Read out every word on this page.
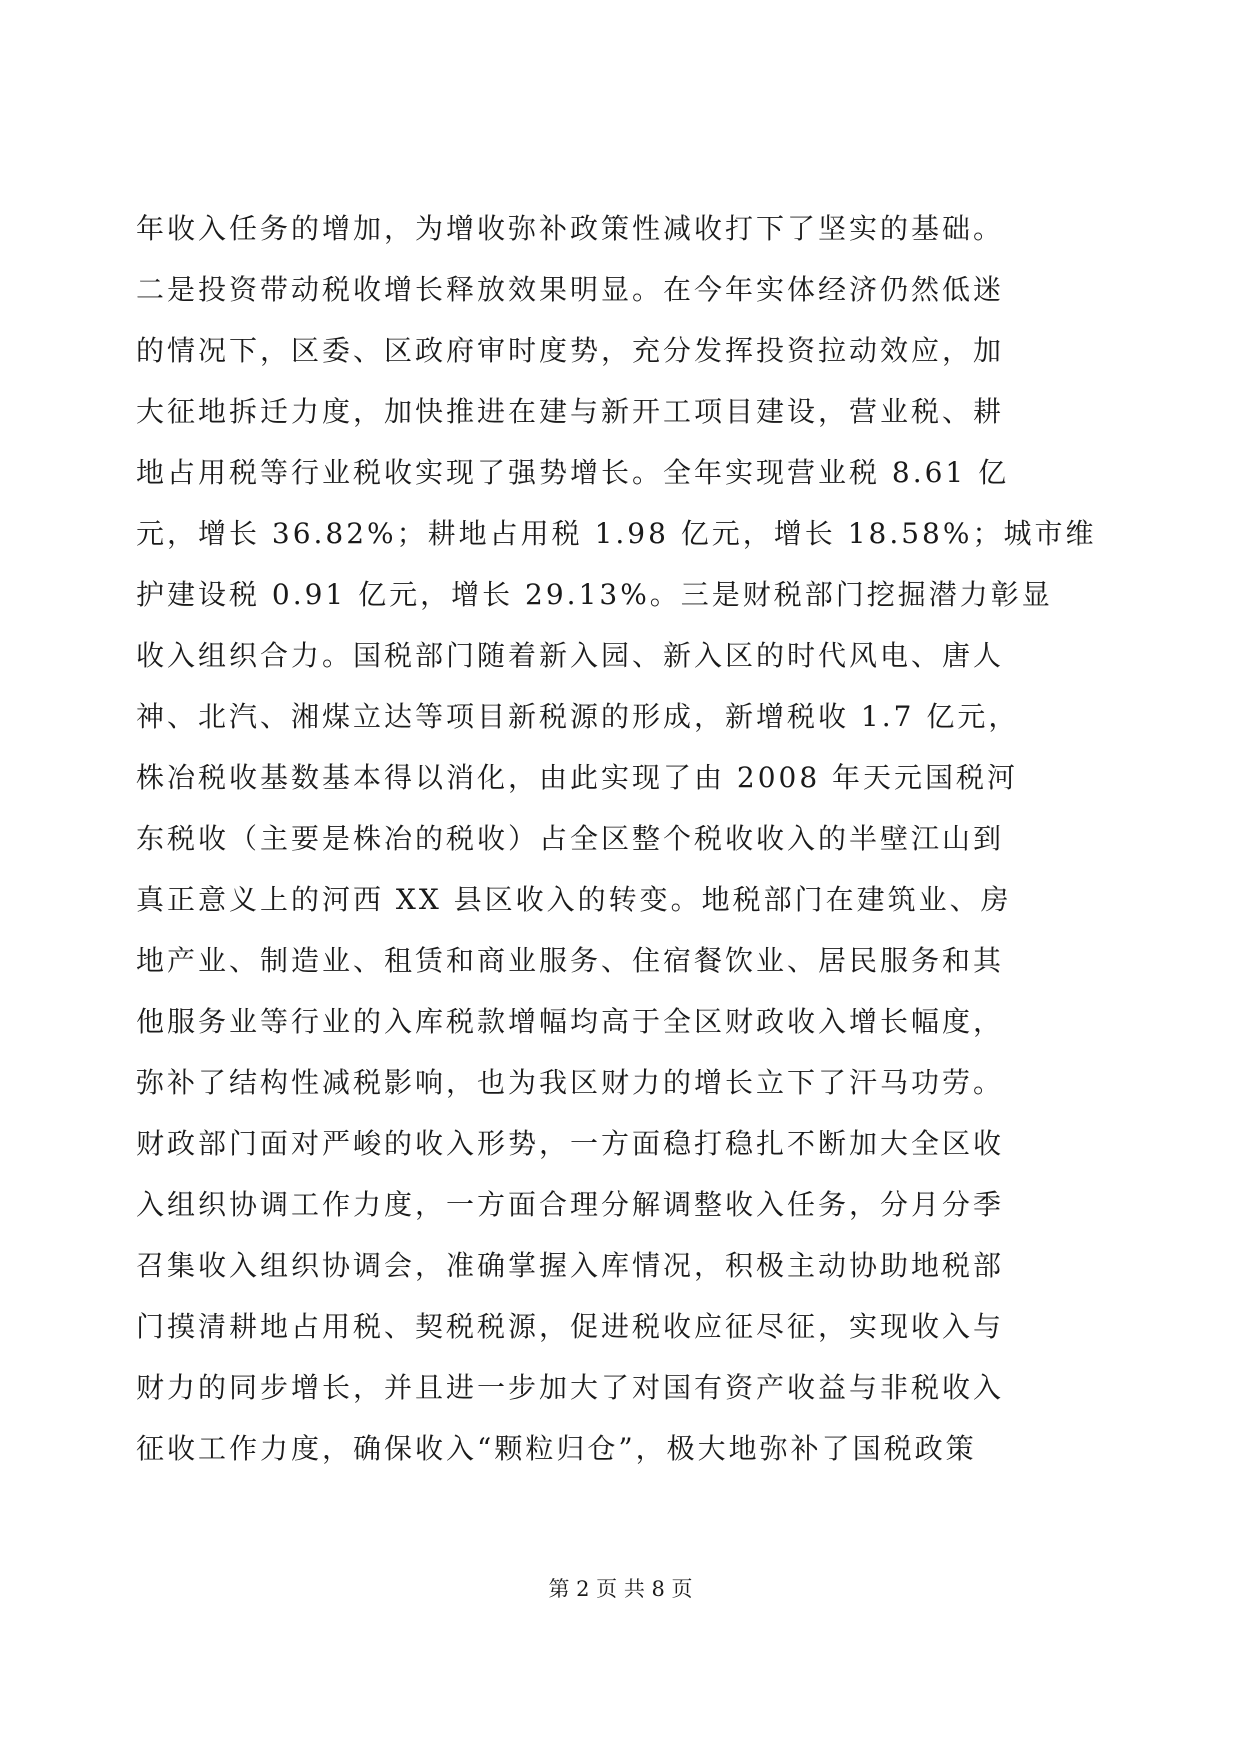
年收入任务的增加，为增收弥补政策性减收打下了坚实的基础。
二是投资带动税收增长释放效果明显。在今年实体经济仍然低迷
的情况下，区委、区政府审时度势，充分发挥投资拉动效应，加
大征地拆迁力度，加快推进在建与新开工项目建设，营业税、耕
地占用税等行业税收实现了强势增长。全年实现营业税 8.61 亿
元，增长 36.82%；耕地占用税 1.98 亿元，增长 18.58%；城市维
护建设税 0.91 亿元，增长 29.13%。三是财税部门挖掘潜力彰显
收入组织合力。国税部门随着新入园、新入区的时代风电、唐人
神、北汽、湘煤立达等项目新税源的形成，新增税收 1.7 亿元，
株冶税收基数基本得以消化，由此实现了由 2008 年天元国税河
东税收（主要是株冶的税收）占全区整个税收收入的半壁江山到
真正意义上的河西 XX 县区收入的转变。地税部门在建筑业、房
地产业、制造业、租赁和商业服务、住宿餐饮业、居民服务和其
他服务业等行业的入库税款增幅均高于全区财政收入增长幅度，
弥补了结构性减税影响，也为我区财力的增长立下了汗马功劳。
财政部门面对严峻的收入形势，一方面稳打稳扎不断加大全区收
入组织协调工作力度，一方面合理分解调整收入任务，分月分季
召集收入组织协调会，准确掌握入库情况，积极主动协助地税部
门摸清耕地占用税、契税税源，促进税收应征尽征，实现收入与
财力的同步增长，并且进一步加大了对国有资产收益与非税收入
征收工作力度，确保收入“颗粒归仓”，极大地弥补了国税政策
第 2 页 共 8 页
